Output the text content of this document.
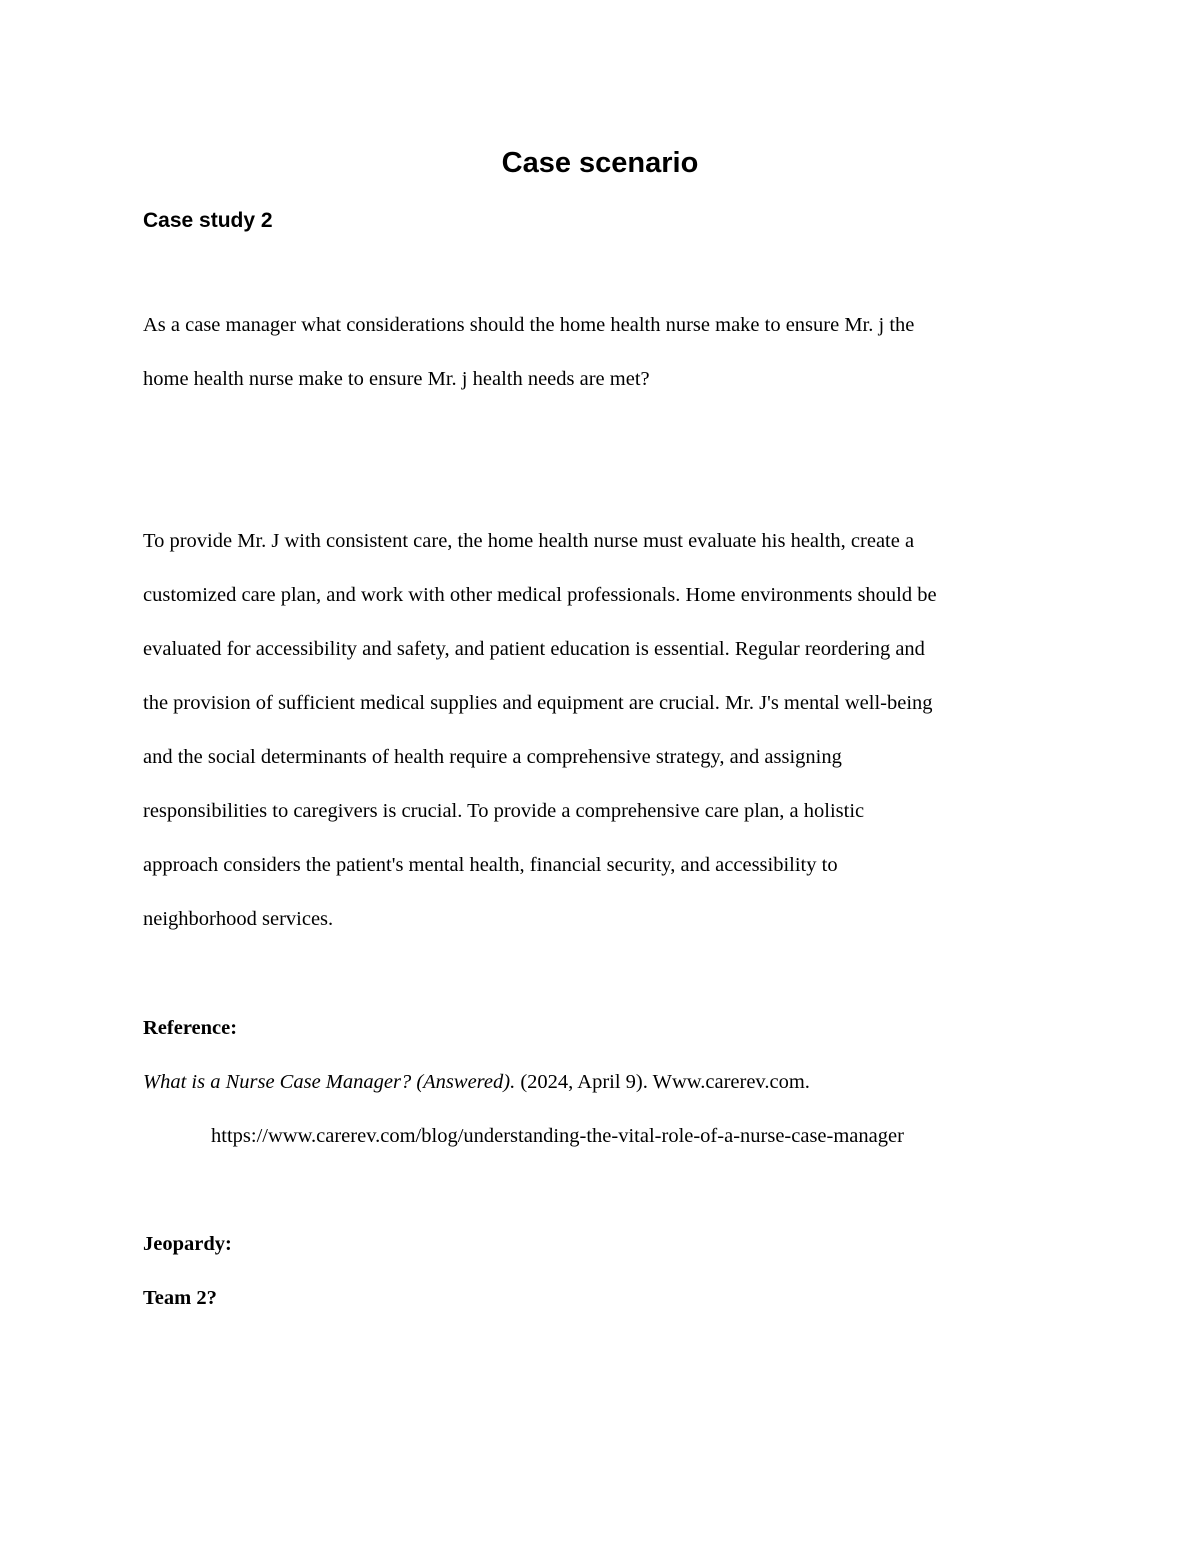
Case scenario
Case study 2
As a case manager what considerations should the home health nurse make to ensure Mr. j the
home health nurse make to ensure Mr. j health needs are met?
To provide Mr. J with consistent care, the home health nurse must evaluate his health, create a
customized care plan, and work with other medical professionals. Home environments should be
evaluated for accessibility and safety, and patient education is essential. Regular reordering and
the provision of sufficient medical supplies and equipment are crucial. Mr. J's mental well-being
and the social determinants of health require a comprehensive strategy, and assigning
responsibilities to caregivers is crucial. To provide a comprehensive care plan, a holistic
approach considers the patient's mental health, financial security, and accessibility to
neighborhood services.
Reference:
What is a Nurse Case Manager? (Answered). (2024, April 9). Www.carerev.com.
https://www.carerev.com/blog/understanding-the-vital-role-of-a-nurse-case-manager
Jeopardy:
Team 2?
